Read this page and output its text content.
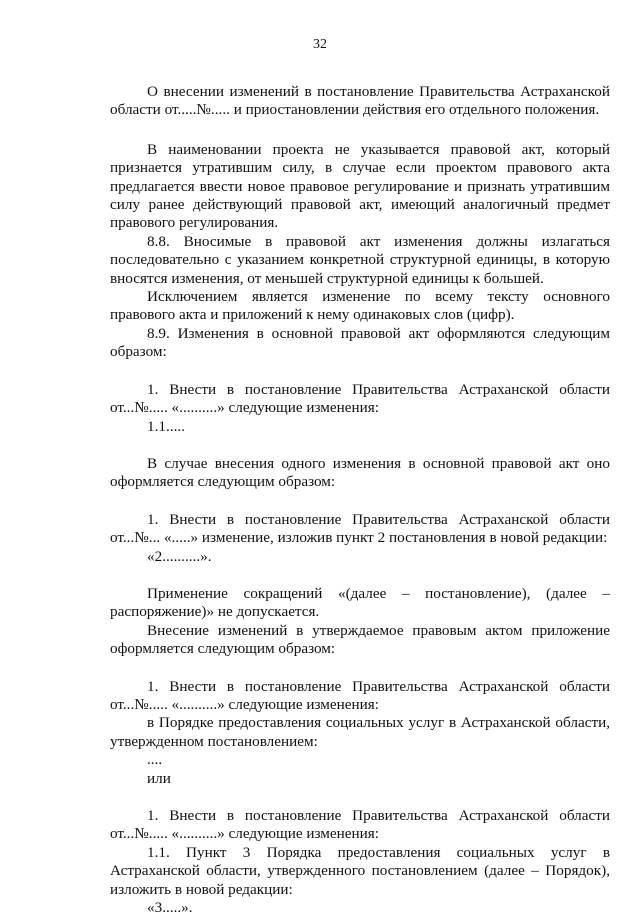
32

О внесении изменений в постановление Правительства Астраханской

области от.....№..... и приостановлении действия его отдельного положения.

В наименовании проекта не указывается правовой акт, который признается утратившим силу, в случае если проектом правового акта предлагается ввести новое правовое регулирование и признать утратившим силу ранее действующий правовой акт, имеющий аналогичный предмет правового регулирования.

8.8. Вносимые в правовой акт изменения должны излагаться последовательно с указанием конкретной структурной единицы, в которую вносятся изменения, от меньшей структурной единицы к большей.

Исключением является изменение по всему тексту основного правового акта и приложений к нему одинаковых слов (цифр).

8.9. Изменения в основной правовой акт оформляются следующим образом:

1. Внести в постановление Правительства Астраханской области

от...№..... «..........» следующие изменения:

1.1.....

В случае внесения одного изменения в основной правовой акт оно оформляется следующим образом:

1. Внести в постановление Правительства Астраханской области

от...№... «.....» изменение, изложив пункт 2 постановления в новой редакции:

«2..........».

Применение сокращений «(далее – постановление), (далее – распоряжение)» не допускается.

Внесение изменений в утверждаемое правовым актом приложение оформляется следующим образом:

1. Внести в постановление Правительства Астраханской области

от...№..... «..........» следующие изменения:

в Порядке предоставления социальных услуг в Астраханской области, утвержденном постановлением:

....

или

1. Внести в постановление Правительства Астраханской области

от...№..... «..........» следующие изменения:

1.1. Пункт 3 Порядка предоставления социальных услуг в Астраханской области, утвержденного постановлением (далее – Порядок), изложить в новой редакции:

«3.....».
